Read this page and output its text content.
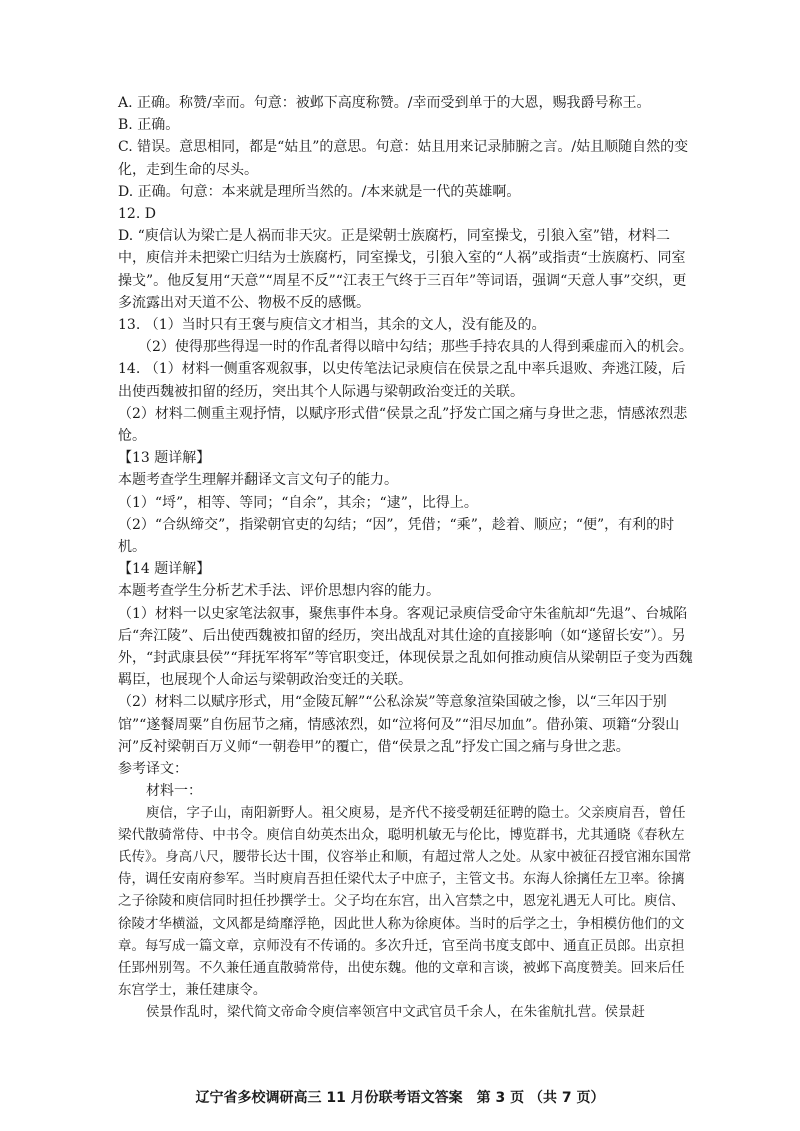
A. 正确。称赞/幸而。句意：被邺下高度称赞。/幸而受到单于的大恩，赐我爵号称王。

B. 正确。

C. 错误。意思相同，都是“姑且”的意思。句意：姑且用来记录肺腑之言。/姑且顺随自然的变化，走到生命的尽头。

D. 正确。句意：本来就是理所当然的。/本来就是一代的英雄啊。

12. D

D. “庾信认为梁亡是人祸而非天灾。正是梁朝士族腐朽，同室操戈，引狼入室”错，材料二中，庾信并未把梁亡归结为士族腐朽，同室操戈，引狼入室的“人祸”或指责“士族腐朽、同室操戈”。他反复用“天意”“周星不反”“江表王气终于三百年”等词语，强调“天意人事”交织，更多流露出对天道不公、物极不反的感慨。

13. （1）当时只有王褒与庾信文才相当，其余的文人，没有能及的。

（2）使得那些得逞一时的作乱者得以暗中勾结；那些手持农具的人得到乘虚而入的机会。

14. （1）材料一侧重客观叙事，以史传笔法记录庾信在侯景之乱中率兵退败、奔逃江陵，后出使西魏被扣留的经历，突出其个人际遇与梁朝政治变迁的关联。

（2）材料二侧重主观抒情，以赋序形式借“侯景之乱”抒发亡国之痛与身世之悲，情感浓烈悲怆。

【13 题详解】

本题考查学生理解并翻译文言文句子的能力。

（1）“埒”，相等、等同；“自余”，其余；“逮”，比得上。

（2）“合纵缔交”，指梁朝官吏的勾结；“因”，凭借；“乘”，趁着、顺应；“便”，有利的时机。

【14 题详解】

本题考查学生分析艺术手法、评价思想内容的能力。

（1）材料一以史家笔法叙事，聚焦事件本身。客观记录庾信受命守朱雀航却“先退”、台城陷后“奔江陵”、后出使西魏被扣留的经历，突出战乱对其仕途的直接影响（如“遂留长安”）。另外，“封武康县侯”“拜抚军将军”等官职变迁，体现侯景之乱如何推动庾信从梁朝臣子变为西魏羁臣，也展现个人命运与梁朝政治变迁的关联。

（2）材料二以赋序形式，用“金陵瓦解”“公私涂炭”等意象渲染国破之惨，以“三年囚于别馆”“遂餐周粟”自伤屈节之痛，情感浓烈，如“泣将何及”“泪尽加血”。借孙策、项籍“分裂山河”反衬梁朝百万义师“一朝卷甲”的覆亡，借“侯景之乱”抒发亡国之痛与身世之悲。

参考译文：

材料一：

庾信，字子山，南阳新野人。祖父庾易，是齐代不接受朝廷征聘的隐士。父亲庾肩吾，曾任梁代散骑常侍、中书令。庾信自幼英杰出众，聪明机敏无与伦比，博览群书，尤其通晓《春秋左氏传》。身高八尺，腰带长达十围，仪容举止和顺，有超过常人之处。从家中被征召授官湘东国常侍，调任安南府参军。当时庾肩吾担任梁代太子中庶子，主管文书。东海人徐摛任左卫率。徐摛之子徐陵和庾信同时担任抄撰学士。父子均在东宫，出入宫禁之中，恩宠礼遇无人可比。庾信、徐陵才华横溢，文风都是绮靡浮艳，因此世人称为徐庾体。当时的后学之士，争相模仿他们的文章。每写成一篇文章，京师没有不传诵的。多次升迁，官至尚书度支郎中、通直正员郎。出京担任郢州别驾。不久兼任通直散骑常侍，出使东魏。他的文章和言谈，被邺下高度赞美。回来后任东宫学士，兼任建康令。

侯景作乱时，梁代简文帝命令庾信率领宫中文武官员千余人，在朱雀航扎营。侯景赶

辽宁省多校调研高三 11 月份联考语文答案　第 3 页 （共 7 页）
